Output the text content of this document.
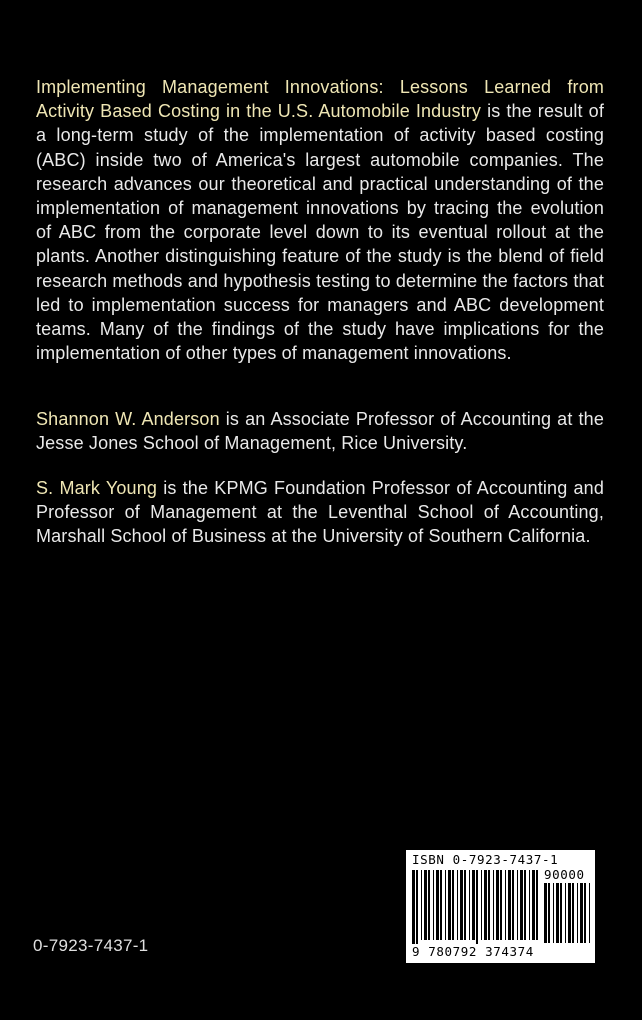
Implementing Management Innovations: Lessons Learned from Activity Based Costing in the U.S. Automobile Industry is the result of a long-term study of the implementation of activity based costing (ABC) inside two of America's largest automobile companies. The research advances our theoretical and practical understanding of the implementation of management innovations by tracing the evolution of ABC from the corporate level down to its eventual rollout at the plants. Another distinguishing feature of the study is the blend of field research methods and hypothesis testing to determine the factors that led to implementation success for managers and ABC development teams. Many of the findings of the study have implications for the implementation of other types of management innovations.

Shannon W. Anderson is an Associate Professor of Accounting at the Jesse Jones School of Management, Rice University.

S. Mark Young is the KPMG Foundation Professor of Accounting and Professor of Management at the Leventhal School of Accounting, Marshall School of Business at the University of Southern California.

ISBN 0-7923-7437-1
90000
9 780792 374374
0-7923-7437-1
